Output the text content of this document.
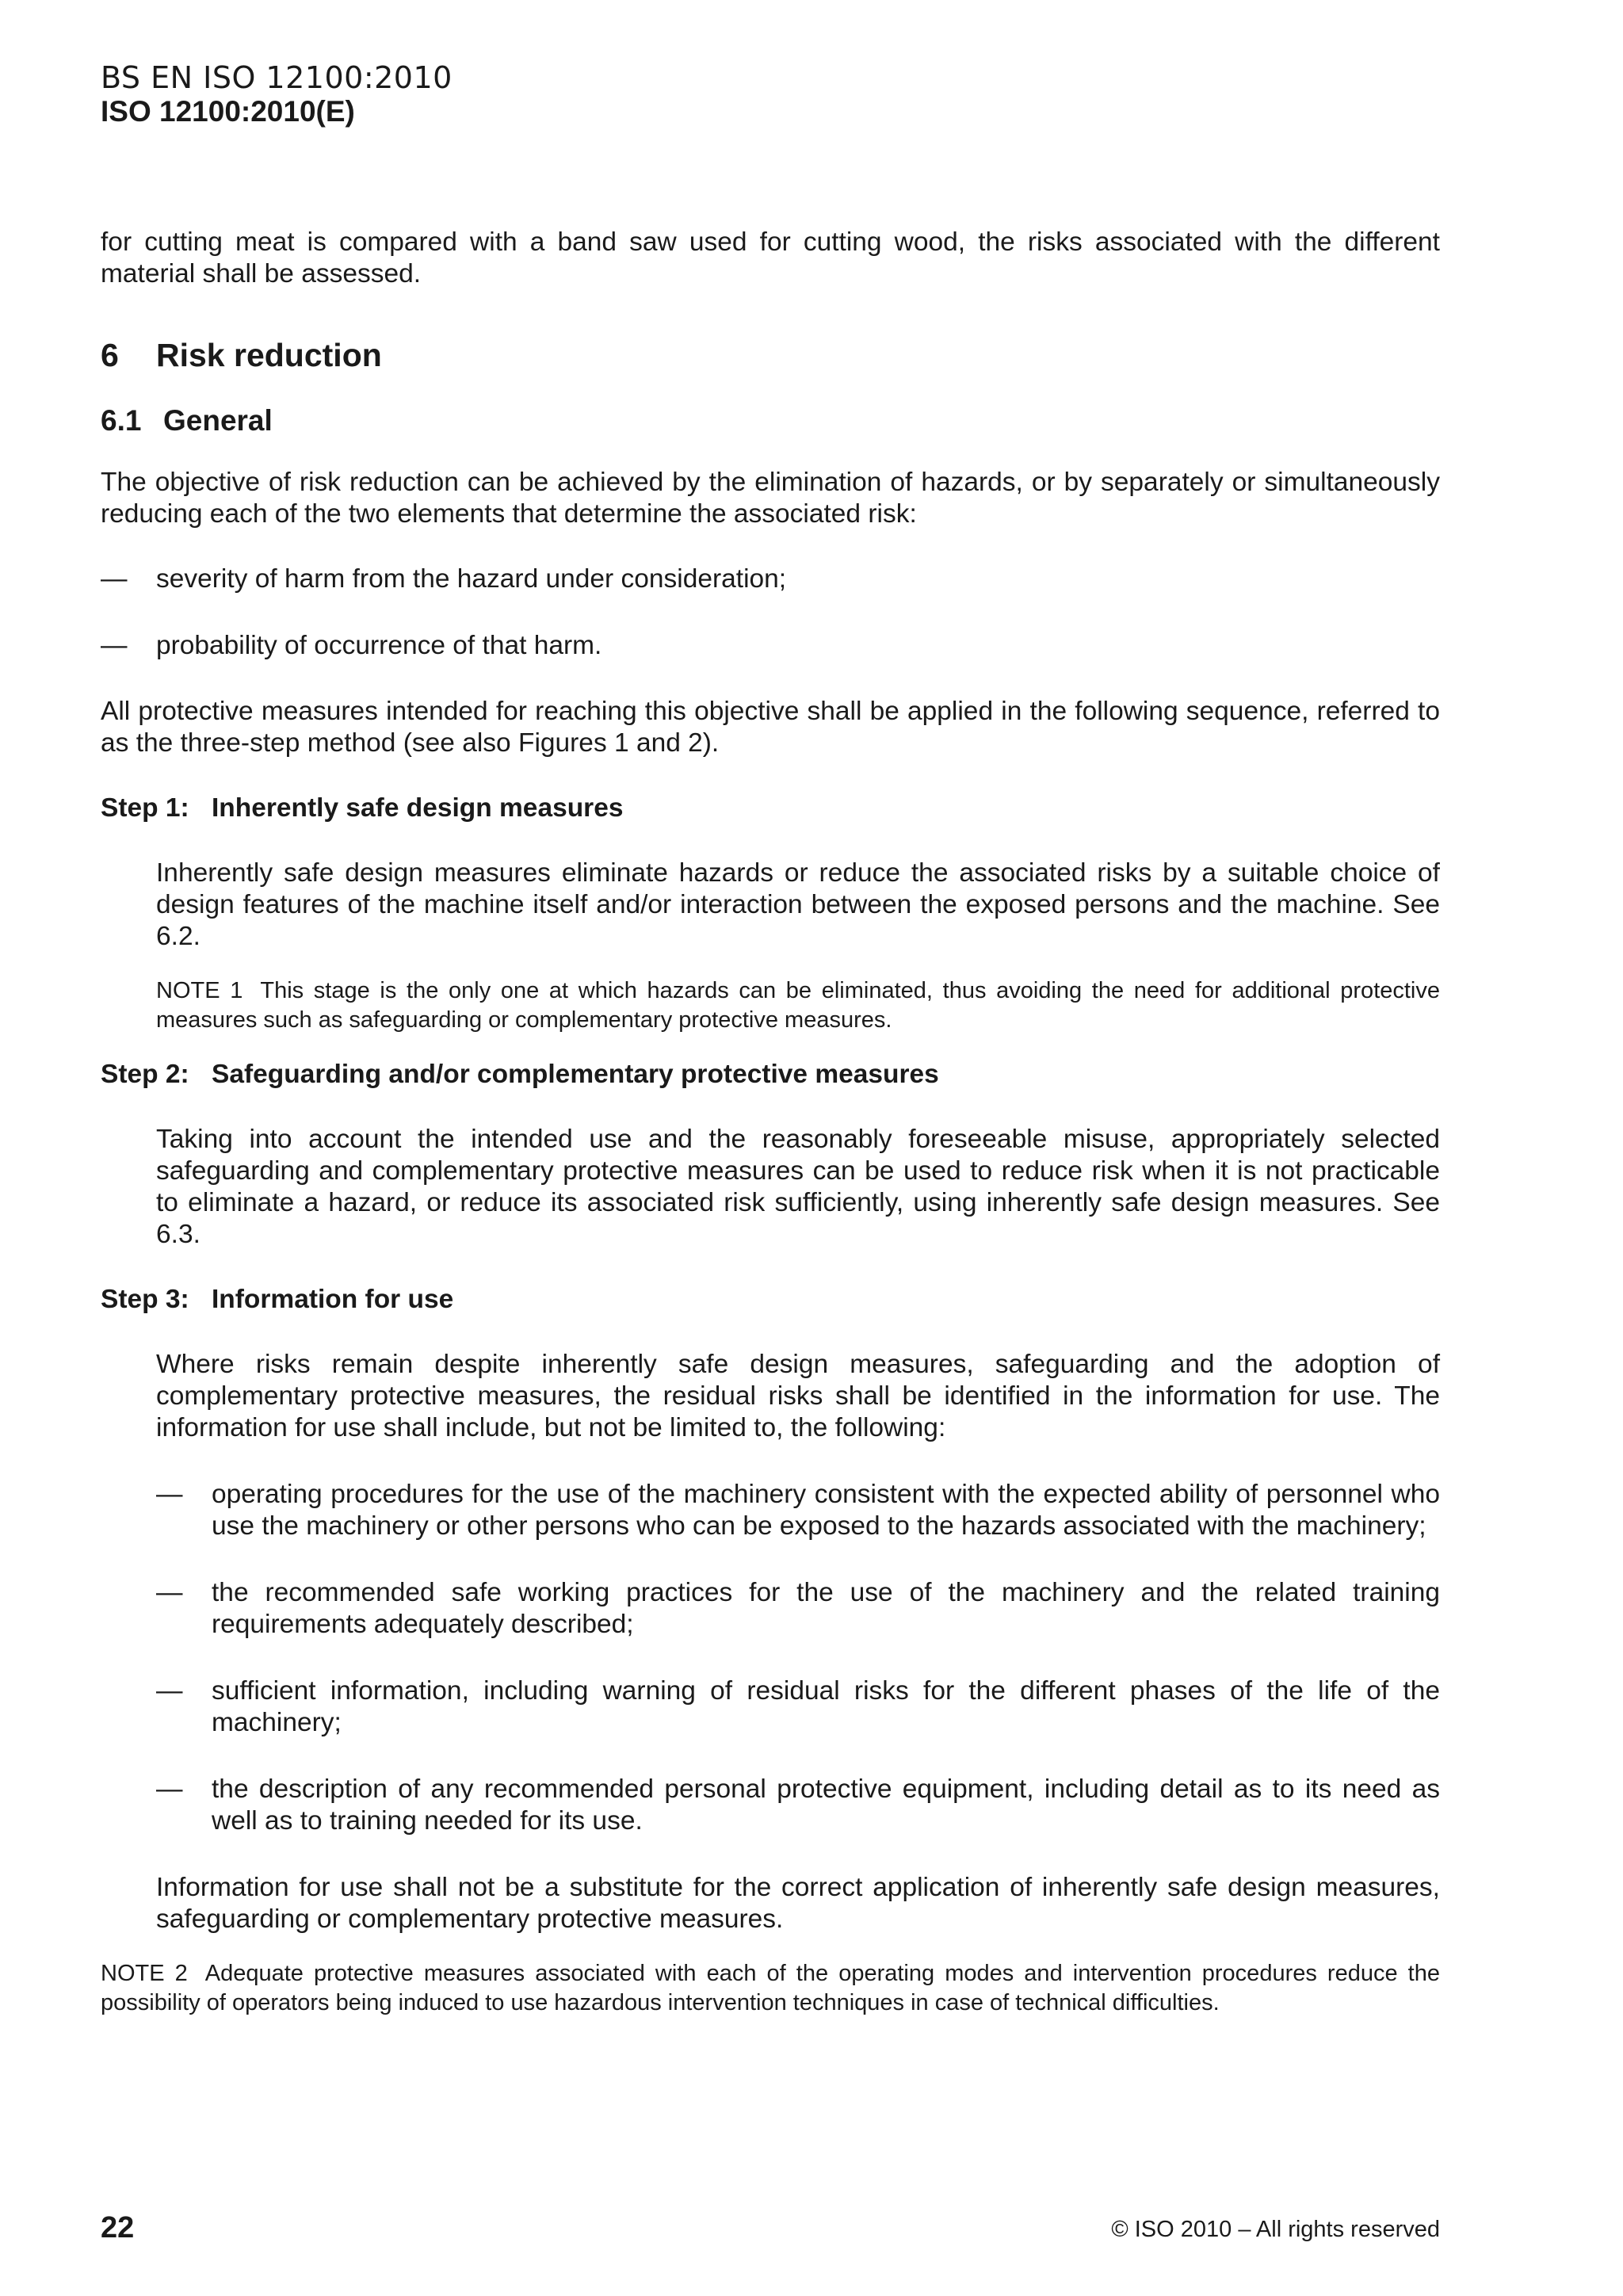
BS EN ISO 12100:2010
ISO 12100:2010(E)

for cutting meat is compared with a band saw used for cutting wood, the risks associated with the different material shall be assessed.

6 Risk reduction
6.1 General

The objective of risk reduction can be achieved by the elimination of hazards, or by separately or simultaneously reducing each of the two elements that determine the associated risk:

— severity of harm from the hazard under consideration;
— probability of occurrence of that harm.

All protective measures intended for reaching this objective shall be applied in the following sequence, referred to as the three-step method (see also Figures 1 and 2).

Step 1: Inherently safe design measures

Inherently safe design measures eliminate hazards or reduce the associated risks by a suitable choice of design features of the machine itself and/or interaction between the exposed persons and the machine. See 6.2.

NOTE 1 This stage is the only one at which hazards can be eliminated, thus avoiding the need for additional protective measures such as safeguarding or complementary protective measures.

Step 2: Safeguarding and/or complementary protective measures

Taking into account the intended use and the reasonably foreseeable misuse, appropriately selected safeguarding and complementary protective measures can be used to reduce risk when it is not practicable to eliminate a hazard, or reduce its associated risk sufficiently, using inherently safe design measures. See 6.3.

Step 3: Information for use

Where risks remain despite inherently safe design measures, safeguarding and the adoption of complementary protective measures, the residual risks shall be identified in the information for use. The information for use shall include, but not be limited to, the following:

— operating procedures for the use of the machinery consistent with the expected ability of personnel who use the machinery or other persons who can be exposed to the hazards associated with the machinery;
— the recommended safe working practices for the use of the machinery and the related training requirements adequately described;
— sufficient information, including warning of residual risks for the different phases of the life of the machinery;
— the description of any recommended personal protective equipment, including detail as to its need as well as to training needed for its use.

Information for use shall not be a substitute for the correct application of inherently safe design measures, safeguarding or complementary protective measures.

NOTE 2 Adequate protective measures associated with each of the operating modes and intervention procedures reduce the possibility of operators being induced to use hazardous intervention techniques in case of technical difficulties.

22	© ISO 2010 – All rights reserved
